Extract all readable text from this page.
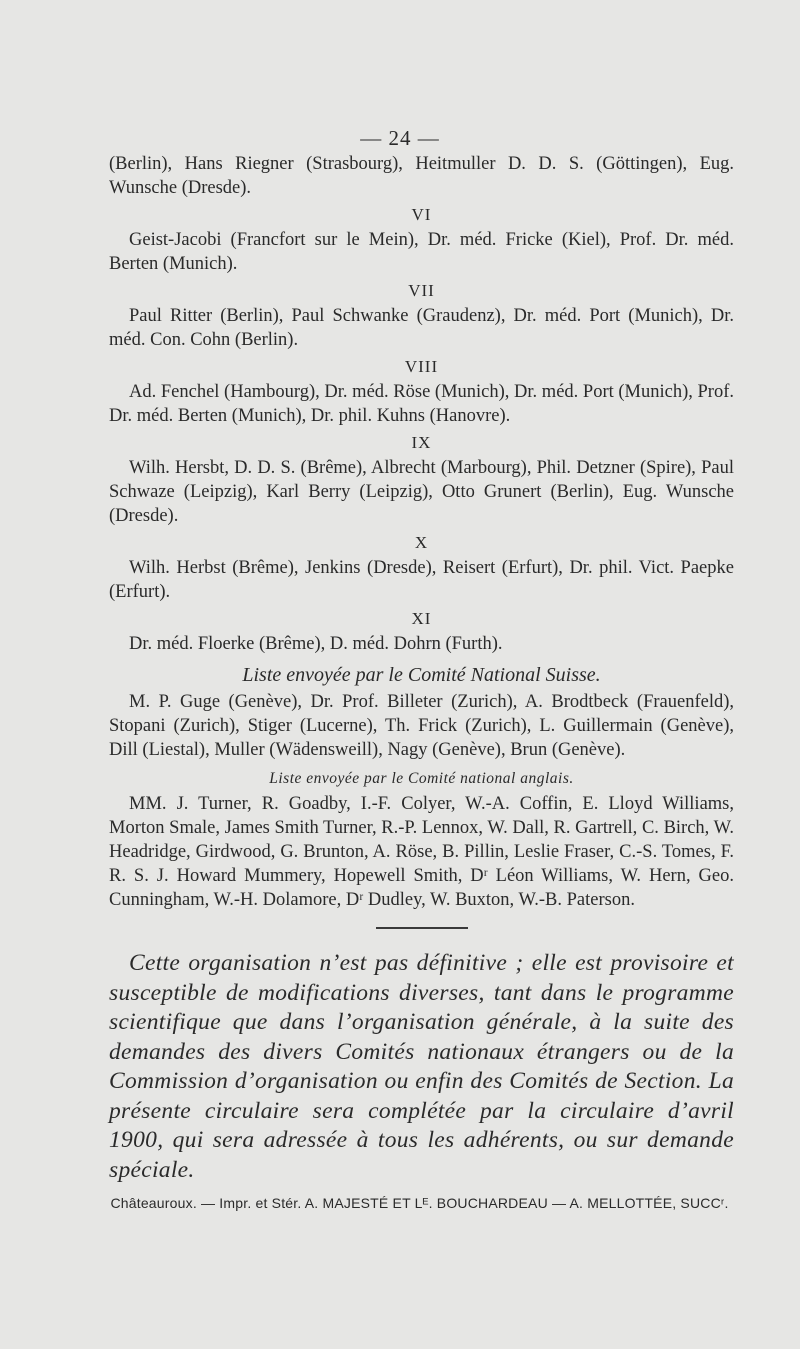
— 24 —

(Berlin), Hans Riegner (Strasbourg), Heitmuller D. D. S. (Göttingen), Eug. Wunsche (Dresde).

VI

Geist-Jacobi (Francfort sur le Mein), Dr. méd. Fricke (Kiel), Prof. Dr. méd. Berten (Munich).

VII

Paul Ritter (Berlin), Paul Schwanke (Graudenz), Dr. méd. Port (Munich), Dr. méd. Con. Cohn (Berlin).

VIII

Ad. Fenchel (Hambourg), Dr. méd. Röse (Munich), Dr. méd. Port (Munich), Prof. Dr. méd. Berten (Munich), Dr. phil. Kuhns (Hanovre).

IX

Wilh. Hersbt, D. D. S. (Brême), Albrecht (Marbourg), Phil. Detzner (Spire), Paul Schwaze (Leipzig), Karl Berry (Leipzig), Otto Grunert (Berlin), Eug. Wunsche (Dresde).

X

Wilh. Herbst (Brême), Jenkins (Dresde), Reisert (Erfurt), Dr. phil. Vict. Paepke (Erfurt).

XI

Dr. méd. Floerke (Brême), D. méd. Dohrn (Furth).

Liste envoyée par le Comité National Suisse.

M. P. Guge (Genève), Dr. Prof. Billeter (Zurich), A. Brodtbeck (Frauenfeld), Stopani (Zurich), Stiger (Lucerne), Th. Frick (Zurich), L. Guillermain (Genève), Dill (Liestal), Muller (Wädensweill), Nagy (Genève), Brun (Genève).

Liste envoyée par le Comité national anglais.

MM. J. Turner, R. Goadby, I.-F. Colyer, W.-A. Coffin, E. Lloyd Williams, Morton Smale, James Smith Turner, R.-P. Lennox, W. Dall, R. Gartrell, C. Birch, W. Headridge, Girdwood, G. Brunton, A. Röse, B. Pillin, Leslie Fraser, C.-S. Tomes, F. R. S. J. Howard Mummery, Hopewell Smith, Dʳ Léon Williams, W. Hern, Geo. Cunningham, W.-H. Dolamore, Dʳ Dudley, W. Buxton, W.-B. Paterson.

Cette organisation n’est pas définitive ; elle est provisoire et susceptible de modifications diverses, tant dans le programme scientifique que dans l’organisation générale, à la suite des demandes des divers Comités nationaux étrangers ou de la Commission d’organisation ou enfin des Comités de Section. La présente circulaire sera complétée par la circulaire d’avril 1900, qui sera adressée à tous les adhérents, ou sur demande spéciale.

Châteauroux. — Impr. et Stér. A. MAJESTÉ ET Lᴱ. BOUCHARDEAU — A. MELLOTTÉE, SUCCʳ.
